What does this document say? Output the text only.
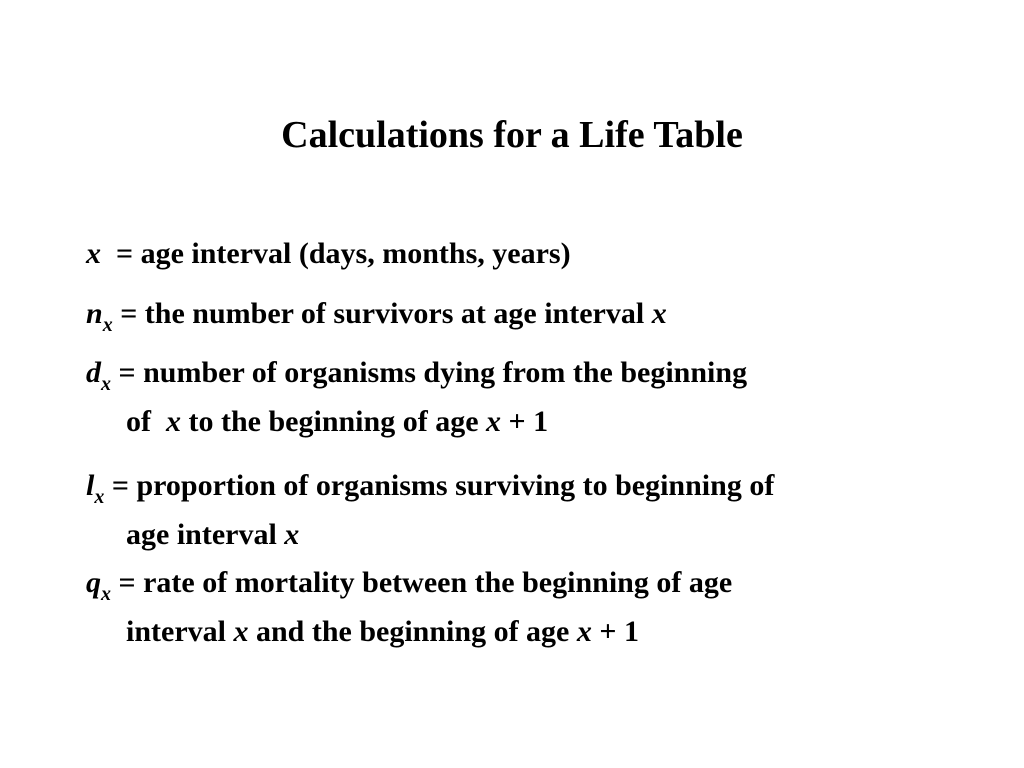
Calculations for a Life Table
x = age interval (days, months, years)
$n_x$ = the number of survivors at age interval x
$d_x$ = number of organisms dying from the beginning
of x to the beginning of age x + 1
$l_x$ = proportion of organisms surviving to beginning of
age interval x
$q_x$ = rate of mortality between the beginning of age
interval x and the beginning of age x + 1
